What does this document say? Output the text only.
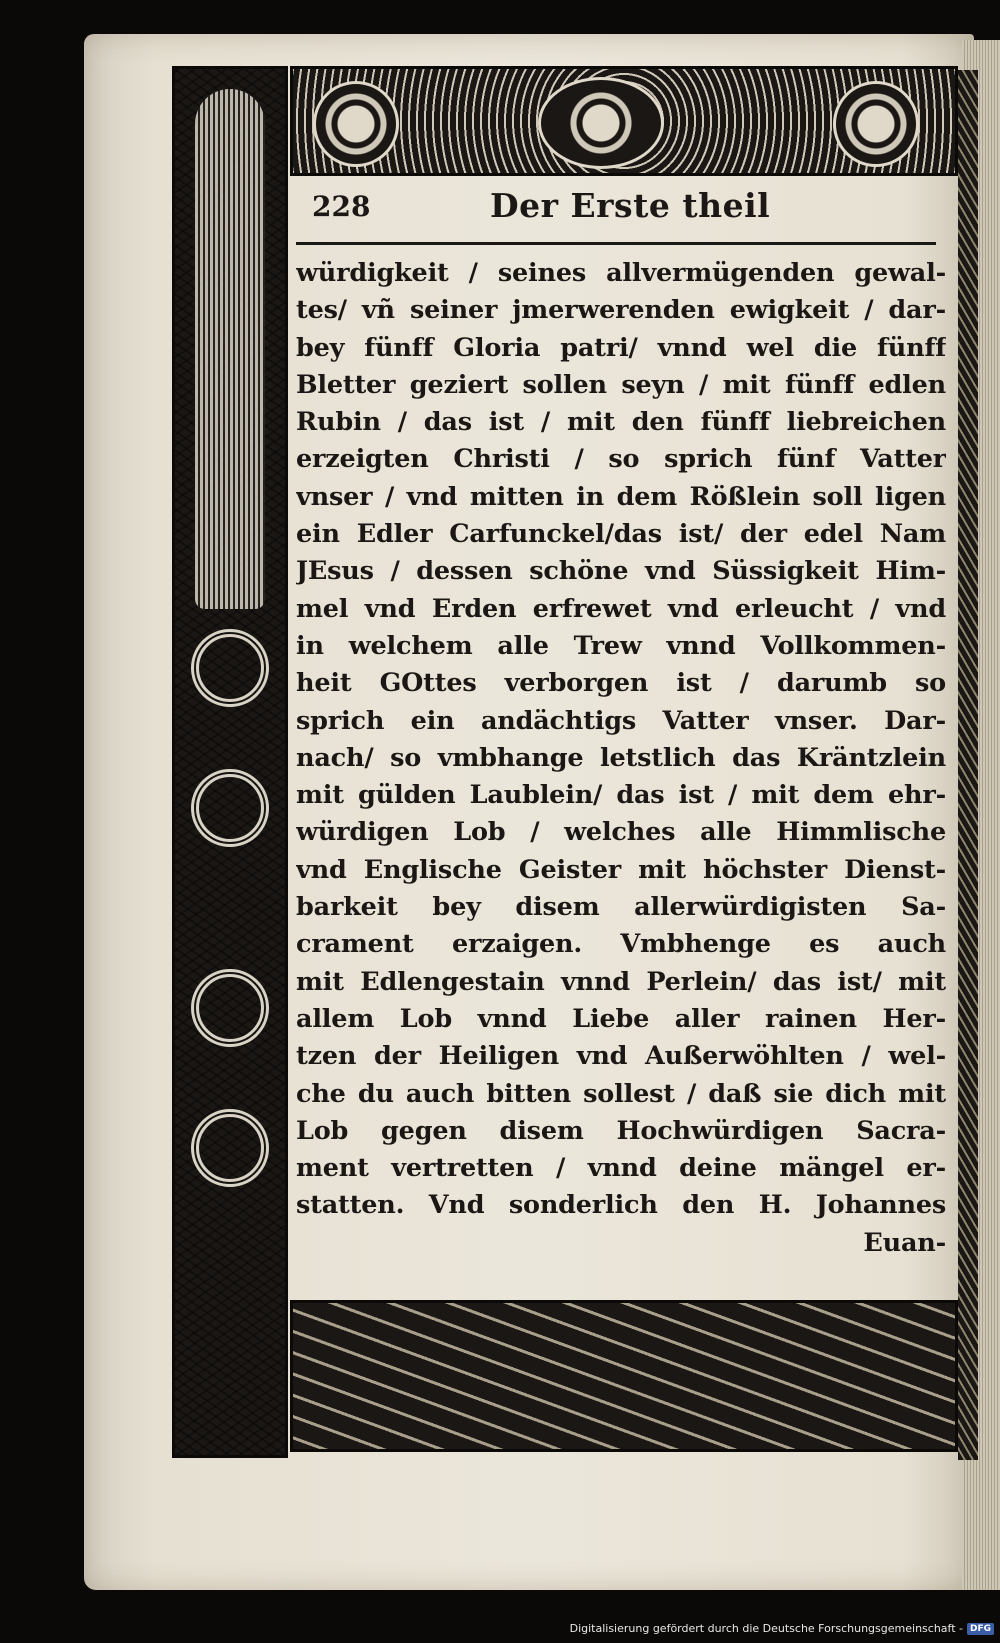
228	Der Erste theil
würdigkeit / seines allvermügenden gewal-
tes/ vñ seiner jmerwerenden ewigkeit / dar-
bey fünff Gloria patri/ vnnd wel die fünff
Bletter geziert sollen seyn / mit fünff edlen
Rubin / das ist / mit den fünff liebreichen
erzeigten Christi / so sprich fünf Vatter
vnser / vnd mitten in dem Rößlein soll ligen
ein Edler Carfunckel/das ist/ der edel Nam
JEsus / dessen schöne vnd Süssigkeit Him-
mel vnd Erden erfrewet vnd erleucht / vnd
in welchem alle Trew vnnd Vollkommen-
heit GOttes verborgen ist / darumb so
sprich ein andächtigs Vatter vnser. Dar-
nach/ so vmbhange letstlich das Kräntzlein
mit gülden Laublein/ das ist / mit dem ehr-
würdigen Lob / welches alle Himmlische
vnd Englische Geister mit höchster Dienst-
barkeit bey disem allerwürdigisten Sa-
crament erzaigen. Vmbhenge es auch
mit Edlengestain vnnd Perlein/ das ist/ mit
allem Lob vnnd Liebe aller rainen Her-
tzen der Heiligen vnd Außerwöhlten / wel-
che du auch bitten sollest / daß sie dich mit
Lob gegen disem Hochwürdigen Sacra-
ment vertretten / vnnd deine mängel er-
statten. Vnd sonderlich den H. Johannes
Euan-
Digitalisierung gefördert durch die Deutsche Forschungsgemeinschaft - DFG
